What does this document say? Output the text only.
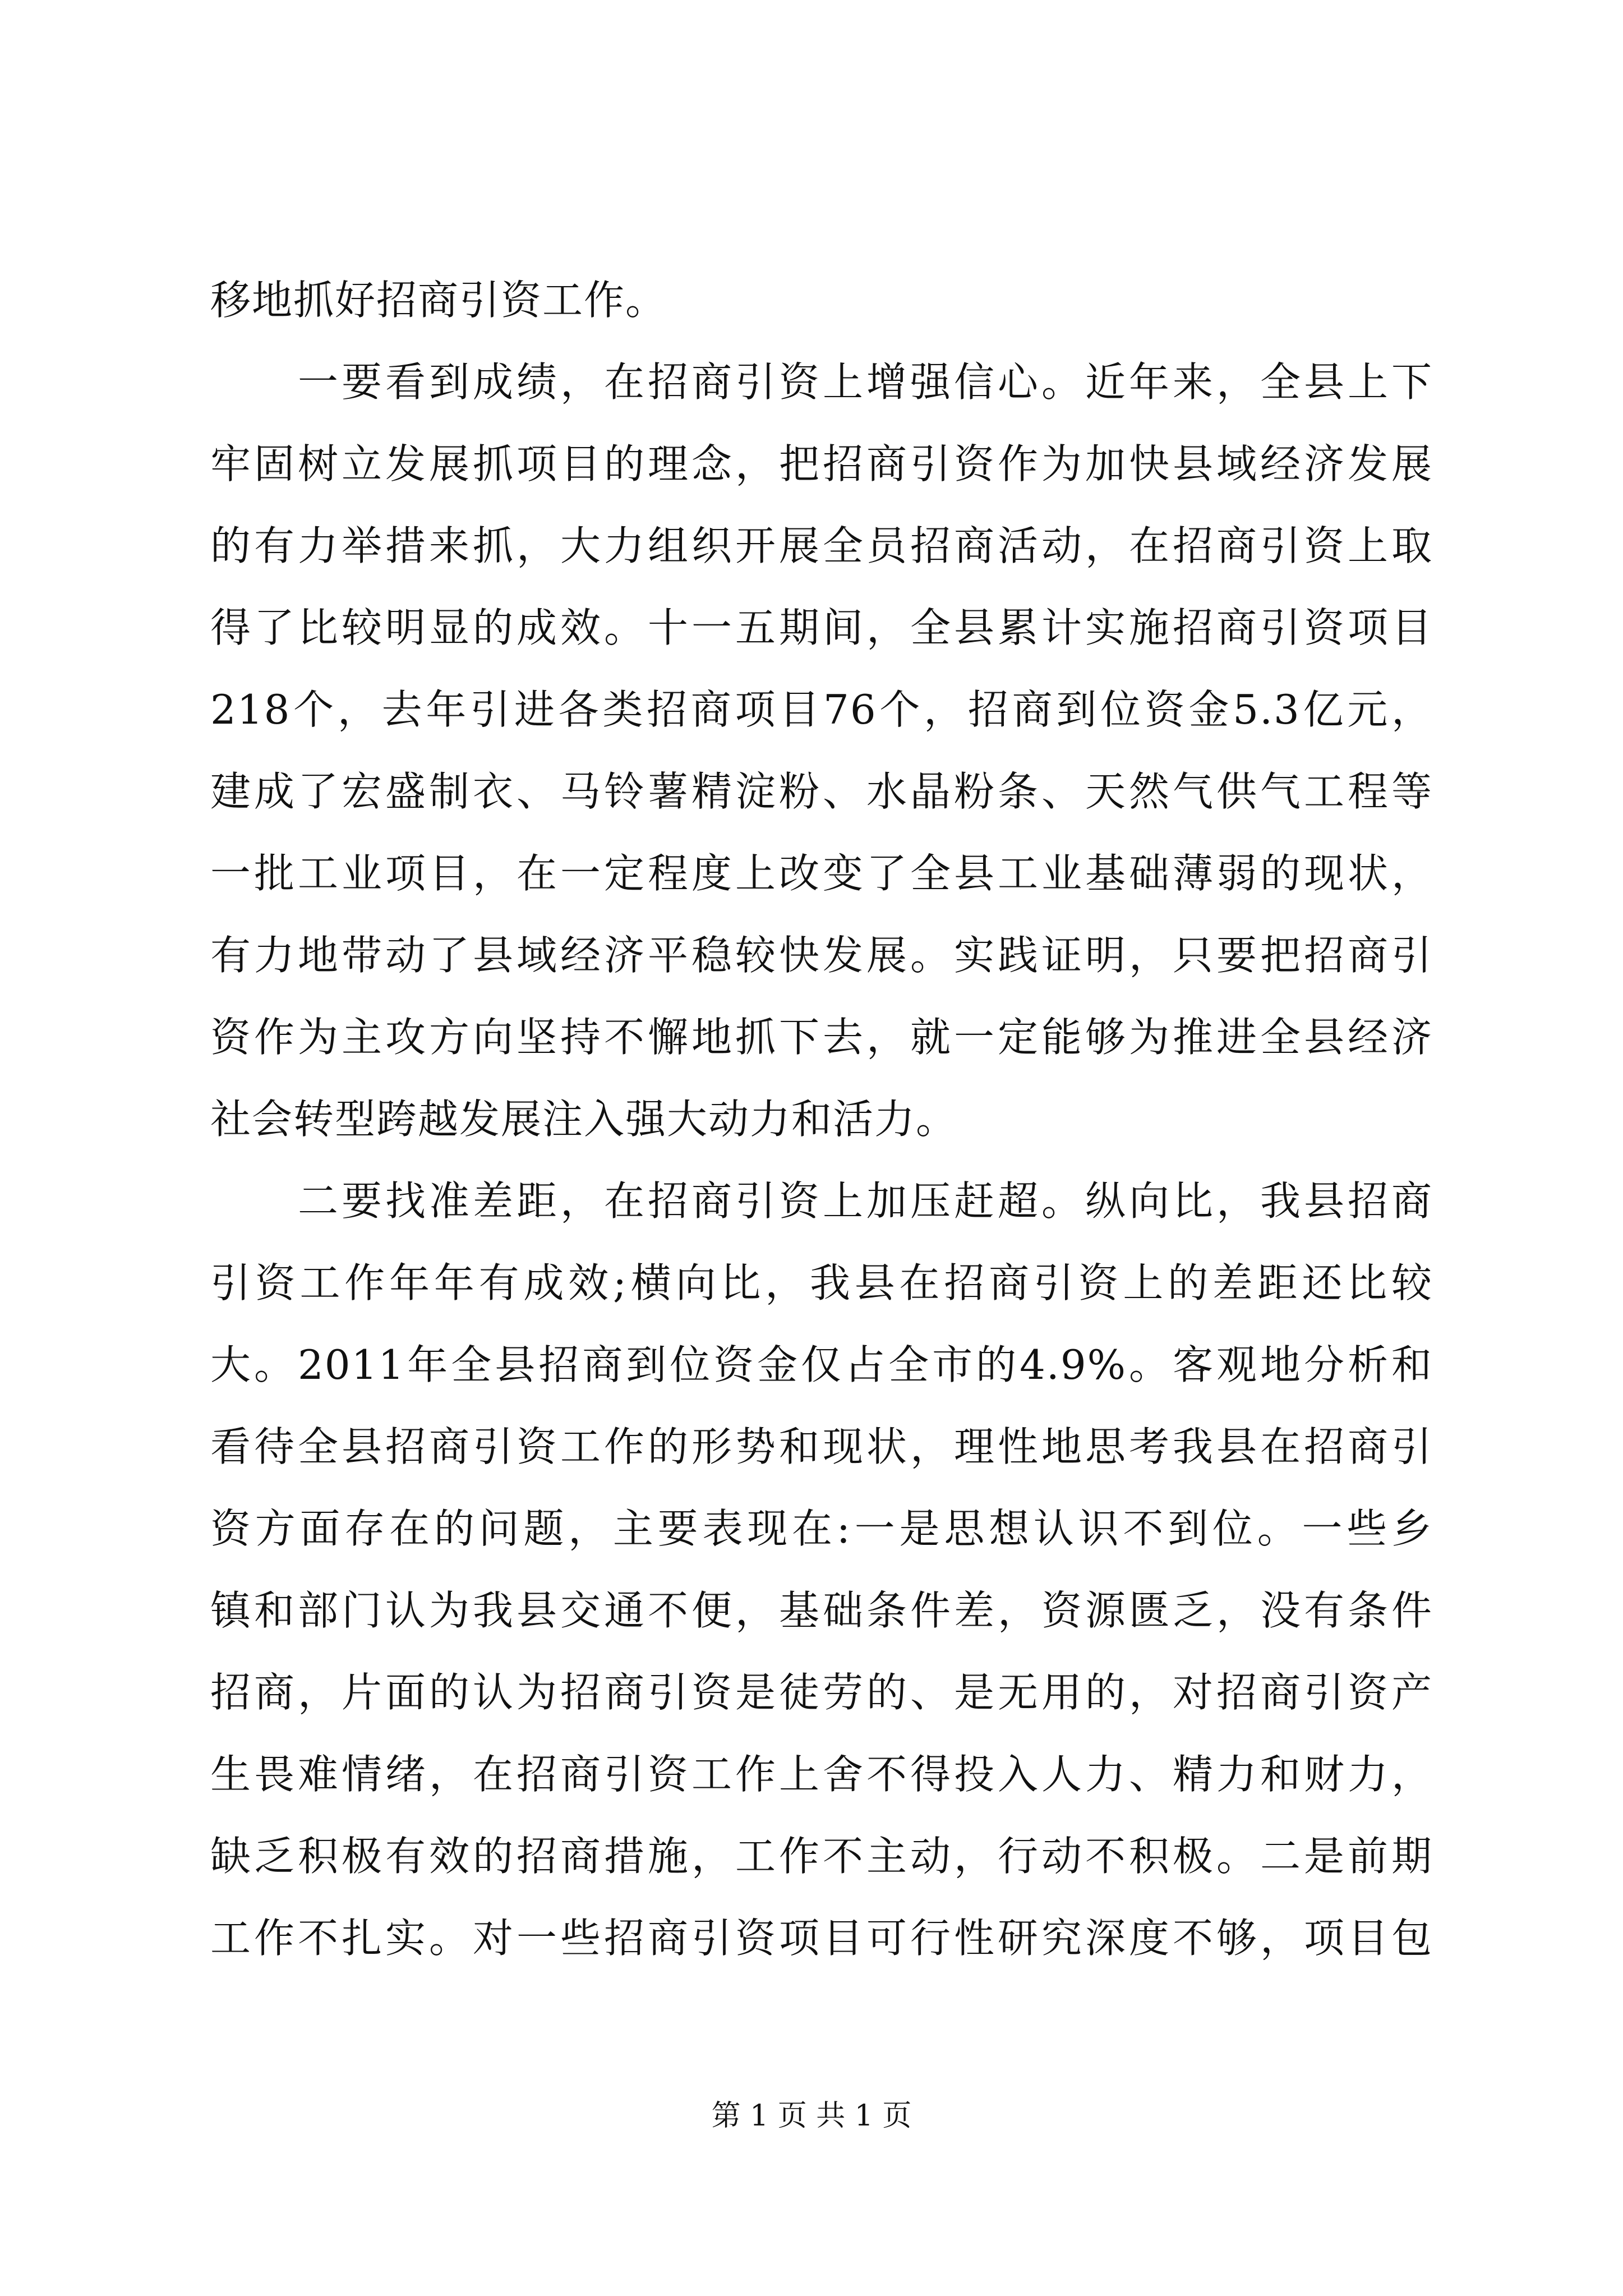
移地抓好招商引资工作。
　　一要看到成绩，在招商引资上增强信心。近年来，全县上下
牢固树立发展抓项目的理念，把招商引资作为加快县域经济发展
的有力举措来抓，大力组织开展全员招商活动，在招商引资上取
得了比较明显的成效。十一五期间，全县累计实施招商引资项目
218个，去年引进各类招商项目76个，招商到位资金5.3亿元，
建成了宏盛制衣、马铃薯精淀粉、水晶粉条、天然气供气工程等
一批工业项目，在一定程度上改变了全县工业基础薄弱的现状，
有力地带动了县域经济平稳较快发展。实践证明，只要把招商引
资作为主攻方向坚持不懈地抓下去，就一定能够为推进全县经济
社会转型跨越发展注入强大动力和活力。
　　二要找准差距，在招商引资上加压赶超。纵向比，我县招商
引资工作年年有成效;横向比，我县在招商引资上的差距还比较
大。2011年全县招商到位资金仅占全市的4.9%。客观地分析和
看待全县招商引资工作的形势和现状，理性地思考我县在招商引
资方面存在的问题，主要表现在:一是思想认识不到位。一些乡
镇和部门认为我县交通不便，基础条件差，资源匮乏，没有条件
招商，片面的认为招商引资是徒劳的、是无用的，对招商引资产
生畏难情绪，在招商引资工作上舍不得投入人力、精力和财力，
缺乏积极有效的招商措施，工作不主动，行动不积极。二是前期
工作不扎实。对一些招商引资项目可行性研究深度不够，项目包
第 1 页 共 1 页
